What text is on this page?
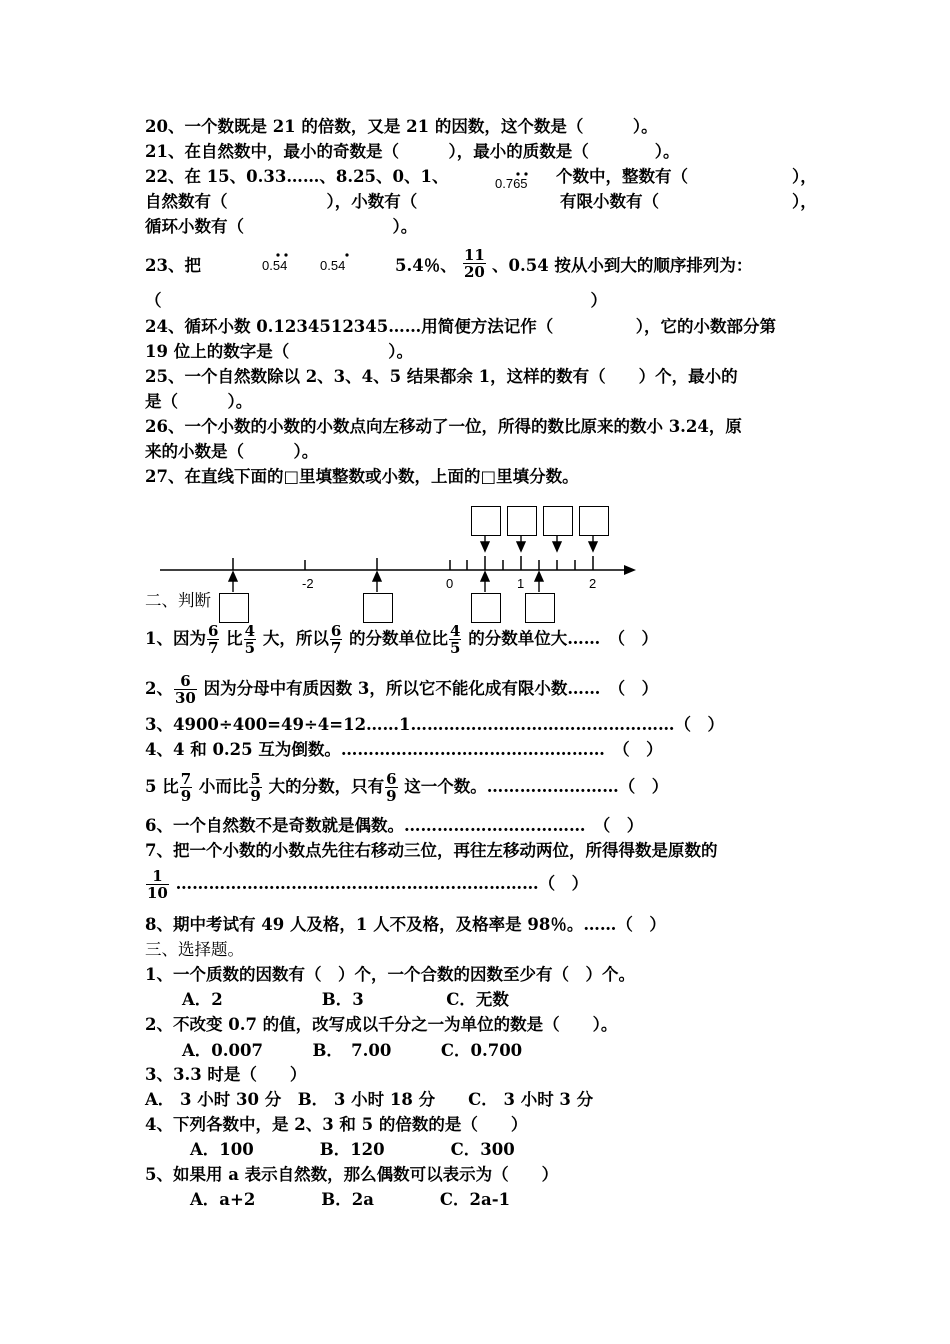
20、一个数既是 21 的倍数，又是 21 的因数，这个数是（　　　）。
21、在自然数中，最小的奇数是（　　　），最小的质数是（　　　　）。
22、在 15、0.33……、8.25、0、1、	0.765 个数中，整数有（	），
自然数有（　　　　　　），小数有（	有限小数有（	），
循环小数有（　　　　　　　　　）。
23、把	0.54	0.54	5.4％、 $\frac{11}{20}$ 、0.54 按从小到大的顺序排列为：
（　　　　　　　　　　　　　　　　　　　　　　　　　　）
24、循环小数 0.1234512345……用简便方法记作（　　　　　），它的小数部分第
19 位上的数字是（　　　　　　）。
25、一个自然数除以 2、3、4、5 结果都余 1，这样的数有（　　）个，最小的
是（　　　）。
26、一个小数的小数的小数点向左移动了一位，所得的数比原来的数小 3.24，原
来的小数是（　　　）。
27、在直线下面的□里填整数或小数，上面的□里填分数。
-2	0	1	2
二、判断
1、因为 $\frac{6}{7}$ 比 $\frac{4}{5}$ 大，所以 $\frac{6}{7}$ 的分数单位比 $\frac{4}{5}$ 的分数单位大……　（　）
2、 $\frac{6}{30}$ 因为分母中有质因数 3，所以它不能化成有限小数……　（　）
3、4900÷400=49÷4=12……1…………………………………………（　）
4、4 和 0.25 互为倒数。…………………………………………　（　）
5 比 $\frac{7}{9}$ 小而比 $\frac{5}{9}$ 大的分数，只有 $\frac{6}{9}$ 这一个数。……………………（　）
6、一个自然数不是奇数就是偶数。……………………………　（　）
7、把一个小数的小数点先往右移动三位，再往左移动两位，所得得数是原数的
$\frac{1}{10}$ …………………………………………………………（　）
8、期中考试有 49 人及格，1 人不及格，及格率是 98％。……（　）
三、选择题。
1、一个质数的因数有（　）个，一个合数的因数至少有（　）个。
A．2　　　　　　B．3　　　　　C．无数
2、不改变 0.7 的值，改写成以千分之一为单位的数是（　　）。
A．0.007　　　B．　7.00　　　C．0.700
3、3.3 时是（　　）
A． 3 小时 30 分　B． 3 小时 18 分　　C． 3 小时 3 分
4、下列各数中，是 2、3 和 5 的倍数的是（　　）
A．100　　　　B．120　　　　C．300
5、如果用 a 表示自然数，那么偶数可以表示为（　　）
A．a+2　　　　B．2a　　　　C．2a-1
